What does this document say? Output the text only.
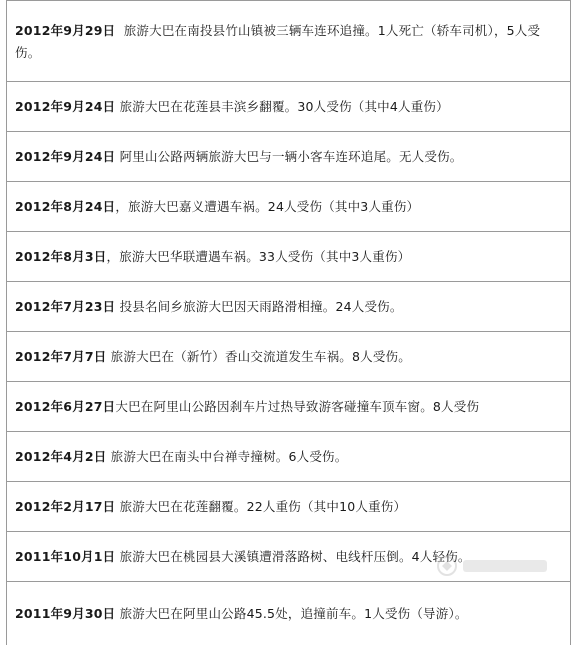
2012年9月29日  旅游大巴在南投县竹山镇被三辆车连环追撞。1人死亡（轿车司机），5人受伤。
2012年9月24日 旅游大巴在花莲县丰滨乡翻覆。30人受伤（其中4人重伤）
2012年9月24日 阿里山公路两辆旅游大巴与一辆小客车连环追尾。无人受伤。
2012年8月24日 ，旅游大巴嘉义遭遇车祸。24人受伤（其中3人重伤）
2012年8月3日 ，旅游大巴华联遭遇车祸。33人受伤（其中3人重伤）
2012年7月23日 投县名间乡旅游大巴因天雨路滑相撞。24人受伤。
2012年7月7日 旅游大巴在（新竹）香山交流道发生车祸。8人受伤。
2012年6月27日 大巴在阿里山公路因刹车片过热导致游客碰撞车顶车窗。8人受伤
2012年4月2日 旅游大巴在南头中台禅寺撞树。6人受伤。
2012年2月17日 旅游大巴在花莲翻覆。22人重伤（其中10人重伤）
2011年10月1日 旅游大巴在桃园县大溪镇遭滑落路树、电线杆压倒。4人轻伤。
2011年9月30日 旅游大巴在阿里山公路45.5处，追撞前车。1人受伤（导游）。
